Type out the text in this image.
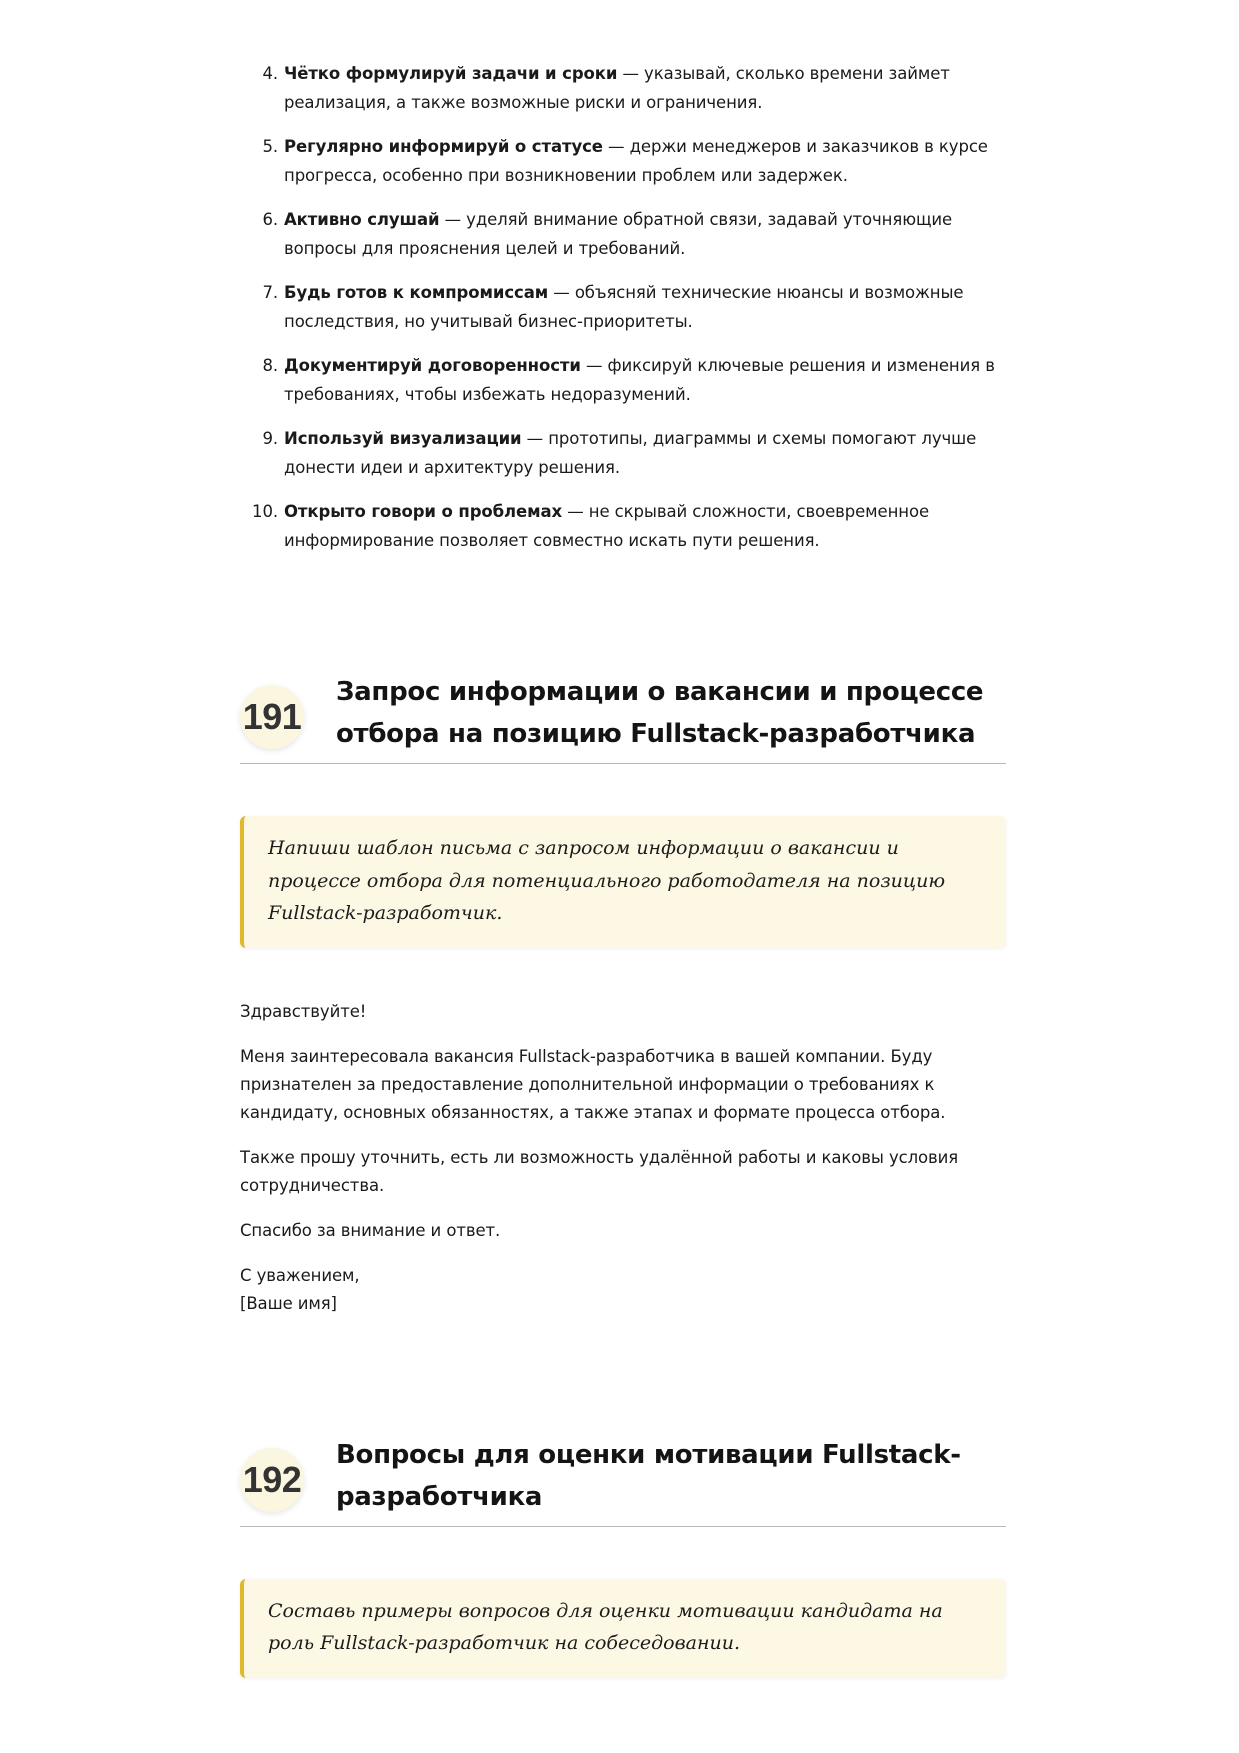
4. Чётко формулируй задачи и сроки — указывай, сколько времени займет реализация, а также возможные риски и ограничения.
5. Регулярно информируй о статусе — держи менеджеров и заказчиков в курсе прогресса, особенно при возникновении проблем или задержек.
6. Активно слушай — уделяй внимание обратной связи, задавай уточняющие вопросы для прояснения целей и требований.
7. Будь готов к компромиссам — объясняй технические нюансы и возможные последствия, но учитывай бизнес-приоритеты.
8. Документируй договоренности — фиксируй ключевые решения и изменения в требованиях, чтобы избежать недоразумений.
9. Используй визуализации — прототипы, диаграммы и схемы помогают лучше донести идеи и архитектуру решения.
10. Открыто говори о проблемах — не скрывай сложности, своевременное информирование позволяет совместно искать пути решения.
191
Запрос информации о вакансии и процессе отбора на позицию Fullstack-разработчика
Напиши шаблон письма с запросом информации о вакансии и процессе отбора для потенциального работодателя на позицию Fullstack-разработчик.

Здравствуйте!

Меня заинтересовала вакансия Fullstack-разработчика в вашей компании. Буду признателен за предоставление дополнительной информации о требованиях к кандидату, основных обязанностях, а также этапах и формате процесса отбора.

Также прошу уточнить, есть ли возможность удалённой работы и каковы условия сотрудничества.

Спасибо за внимание и ответ.

С уважением,
[Ваше имя]

192
Вопросы для оценки мотивации Fullstack-разработчика
Составь примеры вопросов для оценки мотивации кандидата на роль Fullstack-разработчик на собеседовании.
